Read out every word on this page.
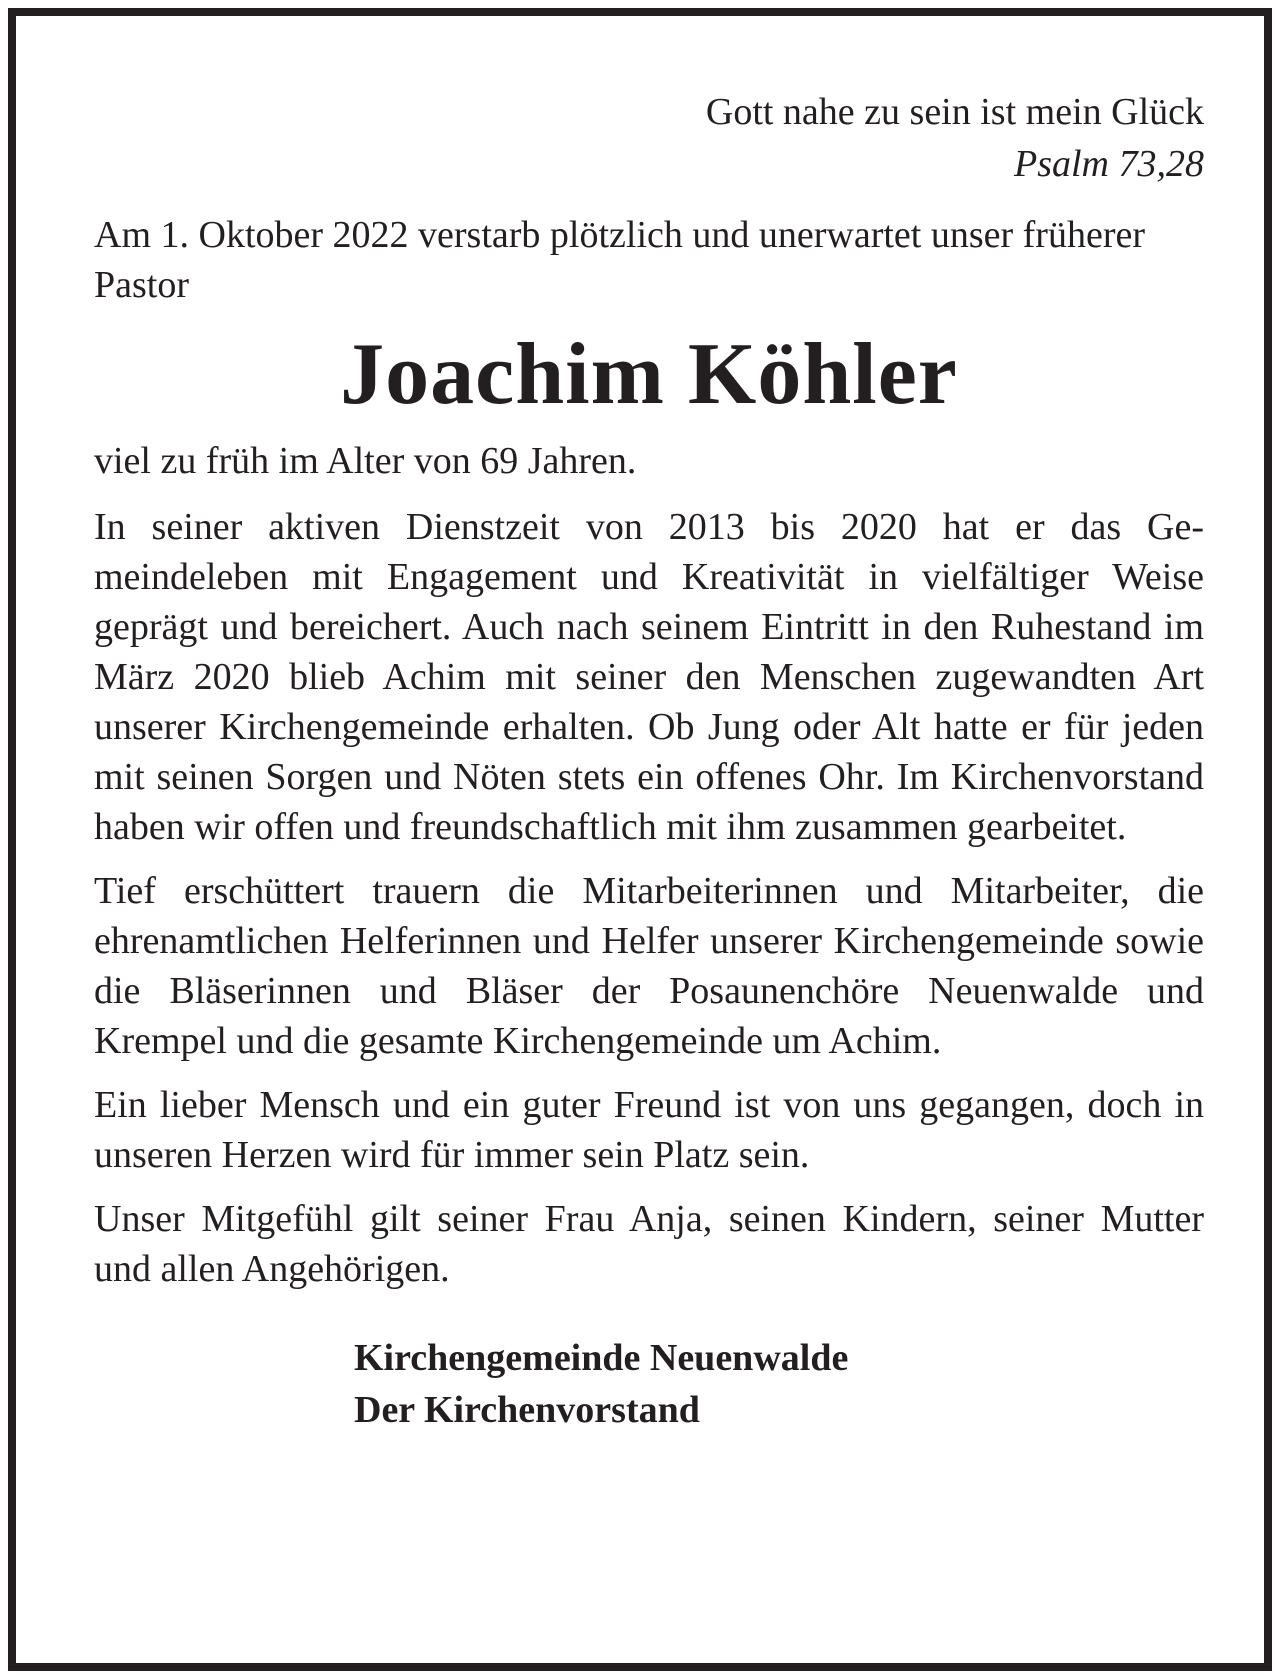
Gott nahe zu sein ist mein Glück
Psalm 73,28
Am 1. Oktober 2022 verstarb plötzlich und unerwartet unser früherer Pastor
Joachim Köhler
viel zu früh im Alter von 69 Jahren.
In seiner aktiven Dienstzeit von 2013 bis 2020 hat er das Gemeindeleben mit Engagement und Kreativität in vielfältiger Weise geprägt und bereichert. Auch nach seinem Eintritt in den Ruhestand im März 2020 blieb Achim mit seiner den Menschen zugewandten Art unserer Kirchengemeinde erhalten. Ob Jung oder Alt hatte er für jeden mit seinen Sorgen und Nöten stets ein offenes Ohr. Im Kirchenvorstand haben wir offen und freundschaftlich mit ihm zusammen gearbeitet.
Tief erschüttert trauern die Mitarbeiterinnen und Mitarbeiter, die ehrenamtlichen Helferinnen und Helfer unserer Kirchengemeinde sowie die Bläserinnen und Bläser der Posaunenchöre Neuenwalde und Krempel und die gesamte Kirchengemeinde um Achim.
Ein lieber Mensch und ein guter Freund ist von uns gegangen, doch in unseren Herzen wird für immer sein Platz sein.
Unser Mitgefühl gilt seiner Frau Anja, seinen Kindern, seiner Mutter und allen Angehörigen.
Kirchengemeinde Neuenwalde
Der Kirchenvorstand
